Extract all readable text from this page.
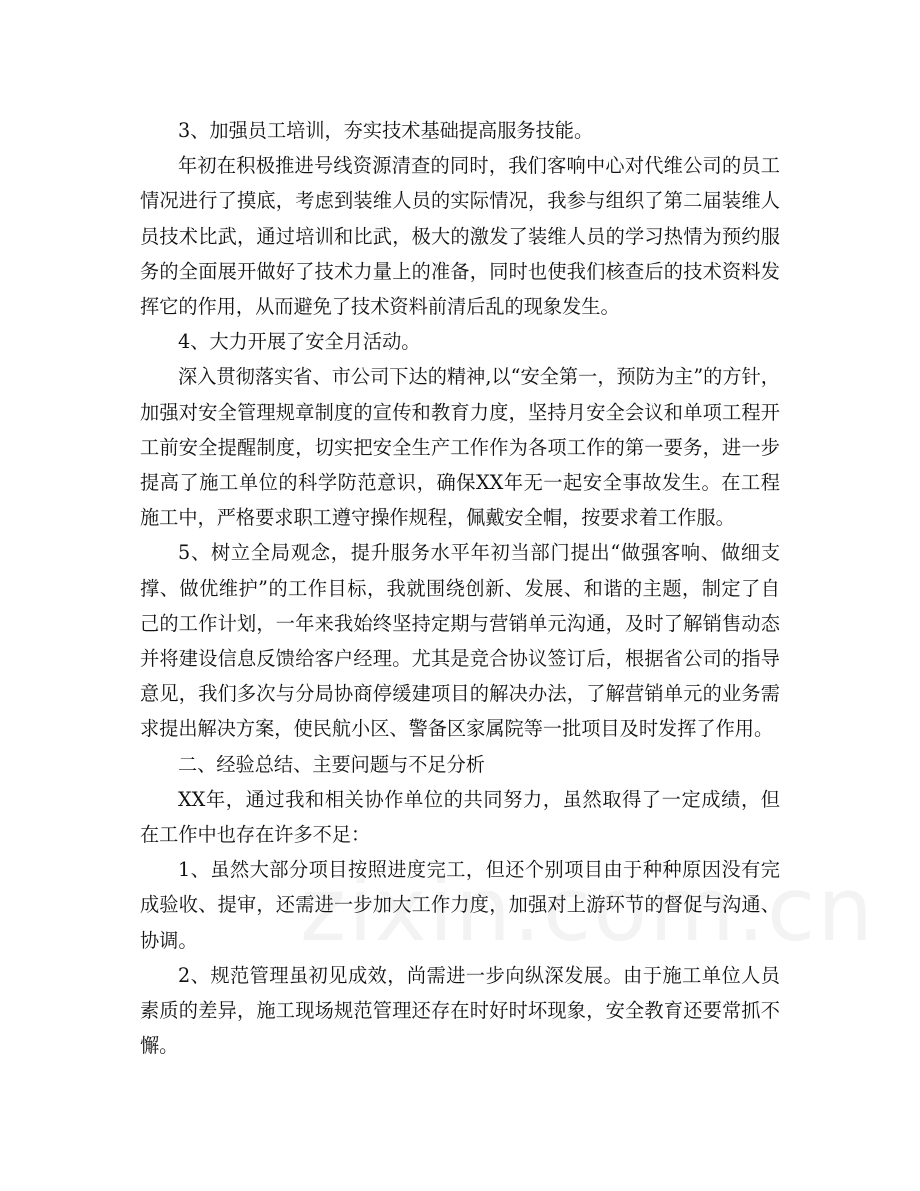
3、加强员工培训，夯实技术基础提高服务技能。

年初在积极推进号线资源清查的同时，我们客响中心对代维公司的员工情况进行了摸底，考虑到装维人员的实际情况，我参与组织了第二届装维人员技术比武，通过培训和比武，极大的激发了装维人员的学习热情为预约服务的全面展开做好了技术力量上的准备，同时也使我们核查后的技术资料发挥它的作用，从而避免了技术资料前清后乱的现象发生。

4、大力开展了安全月活动。

深入贯彻落实省、市公司下达的精神,以“安全第一，预防为主”的方针，加强对安全管理规章制度的宣传和教育力度，坚持月安全会议和单项工程开工前安全提醒制度，切实把安全生产工作作为各项工作的第一要务，进一步提高了施工单位的科学防范意识，确保XX年无一起安全事故发生。在工程施工中，严格要求职工遵守操作规程，佩戴安全帽，按要求着工作服。

5、树立全局观念，提升服务水平年初当部门提出“做强客响、做细支撑、做优维护”的工作目标，我就围绕创新、发展、和谐的主题，制定了自己的工作计划，一年来我始终坚持定期与营销单元沟通，及时了解销售动态并将建设信息反馈给客户经理。尤其是竞合协议签订后，根据省公司的指导意见，我们多次与分局协商停缓建项目的解决办法，了解营销单元的业务需求提出解决方案，使民航小区、警备区家属院等一批项目及时发挥了作用。

二、经验总结、主要问题与不足分析

XX年，通过我和相关协作单位的共同努力，虽然取得了一定成绩，但在工作中也存在许多不足：

1、虽然大部分项目按照进度完工，但还个别项目由于种种原因没有完成验收、提审，还需进一步加大工作力度，加强对上游环节的督促与沟通、协调。

2、规范管理虽初见成效，尚需进一步向纵深发展。由于施工单位人员素质的差异，施工现场规范管理还存在时好时坏现象，安全教育还要常抓不懈。
